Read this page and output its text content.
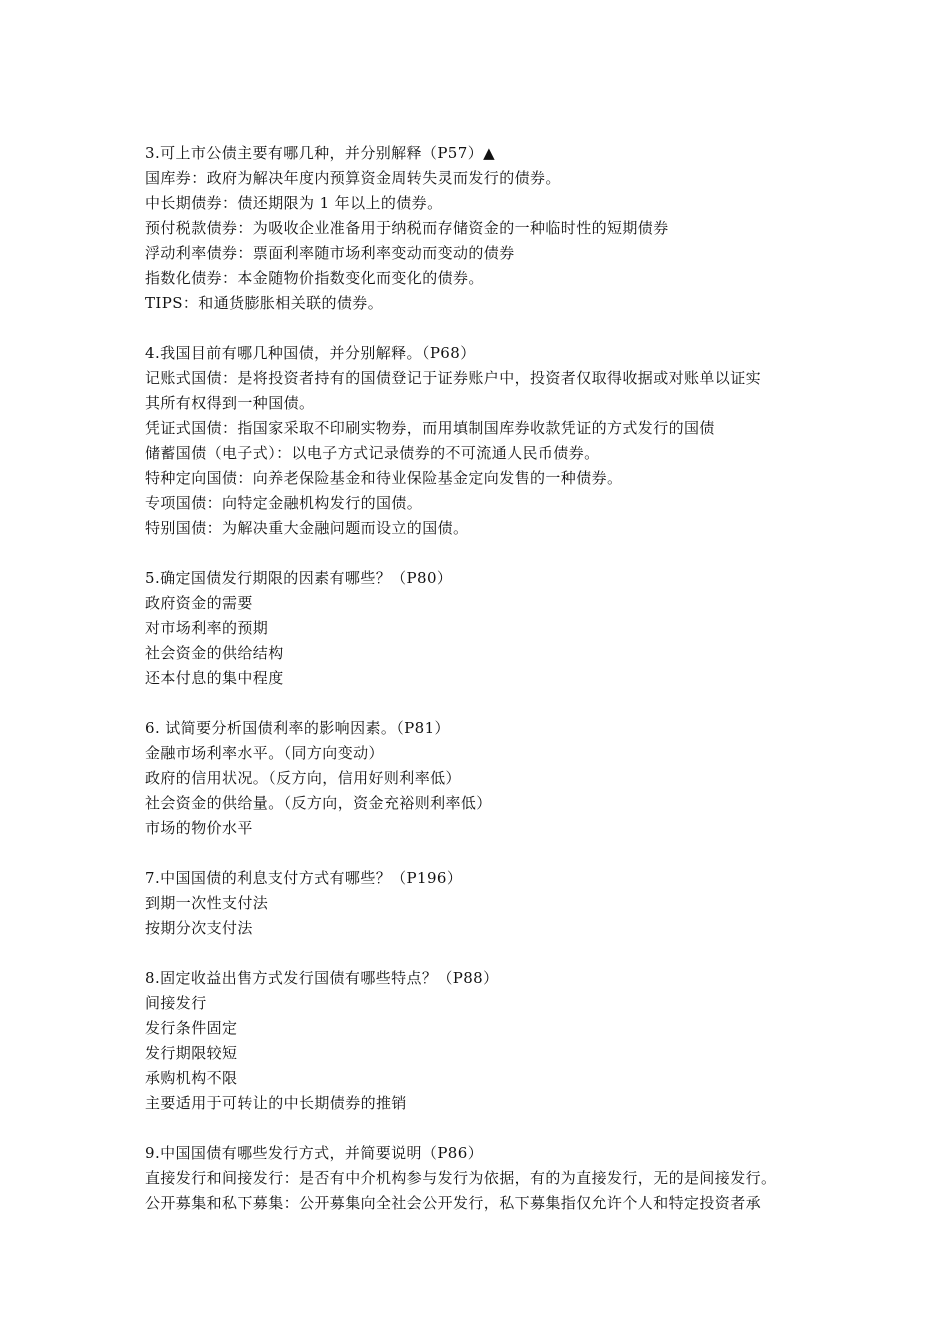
3.可上市公债主要有哪几种，并分别解释（P57）▲
国库券：政府为解决年度内预算资金周转失灵而发行的债券。
中长期债券：债还期限为 1 年以上的债券。
预付税款债券：为吸收企业准备用于纳税而存储资金的一种临时性的短期债券
浮动利率债券：票面利率随市场利率变动而变动的债券
指数化债券：本金随物价指数变化而变化的债券。
TIPS：和通货膨胀相关联的债券。
4.我国目前有哪几种国债，并分别解释。（P68）
记账式国债：是将投资者持有的国债登记于证券账户中，投资者仅取得收据或对账单以证实
其所有权得到一种国债。
凭证式国债：指国家采取不印刷实物券，而用填制国库券收款凭证的方式发行的国债
储蓄国债（电子式）：以电子方式记录债券的不可流通人民币债券。
特种定向国债：向养老保险基金和待业保险基金定向发售的一种债券。
专项国债：向特定金融机构发行的国债。
特别国债：为解决重大金融问题而设立的国债。
5.确定国债发行期限的因素有哪些？（P80）
政府资金的需要
对市场利率的预期
社会资金的供给结构
还本付息的集中程度
6. 试简要分析国债利率的影响因素。（P81）
金融市场利率水平。（同方向变动）
政府的信用状况。（反方向，信用好则利率低）
社会资金的供给量。（反方向，资金充裕则利率低）
市场的物价水平
7.中国国债的利息支付方式有哪些？（P196）
到期一次性支付法
按期分次支付法
8.固定收益出售方式发行国债有哪些特点？（P88）
间接发行
发行条件固定
发行期限较短
承购机构不限
主要适用于可转让的中长期债券的推销
9.中国国债有哪些发行方式，并简要说明（P86）
直接发行和间接发行：是否有中介机构参与发行为依据，有的为直接发行，无的是间接发行。
公开募集和私下募集：公开募集向全社会公开发行，私下募集指仅允许个人和特定投资者承
